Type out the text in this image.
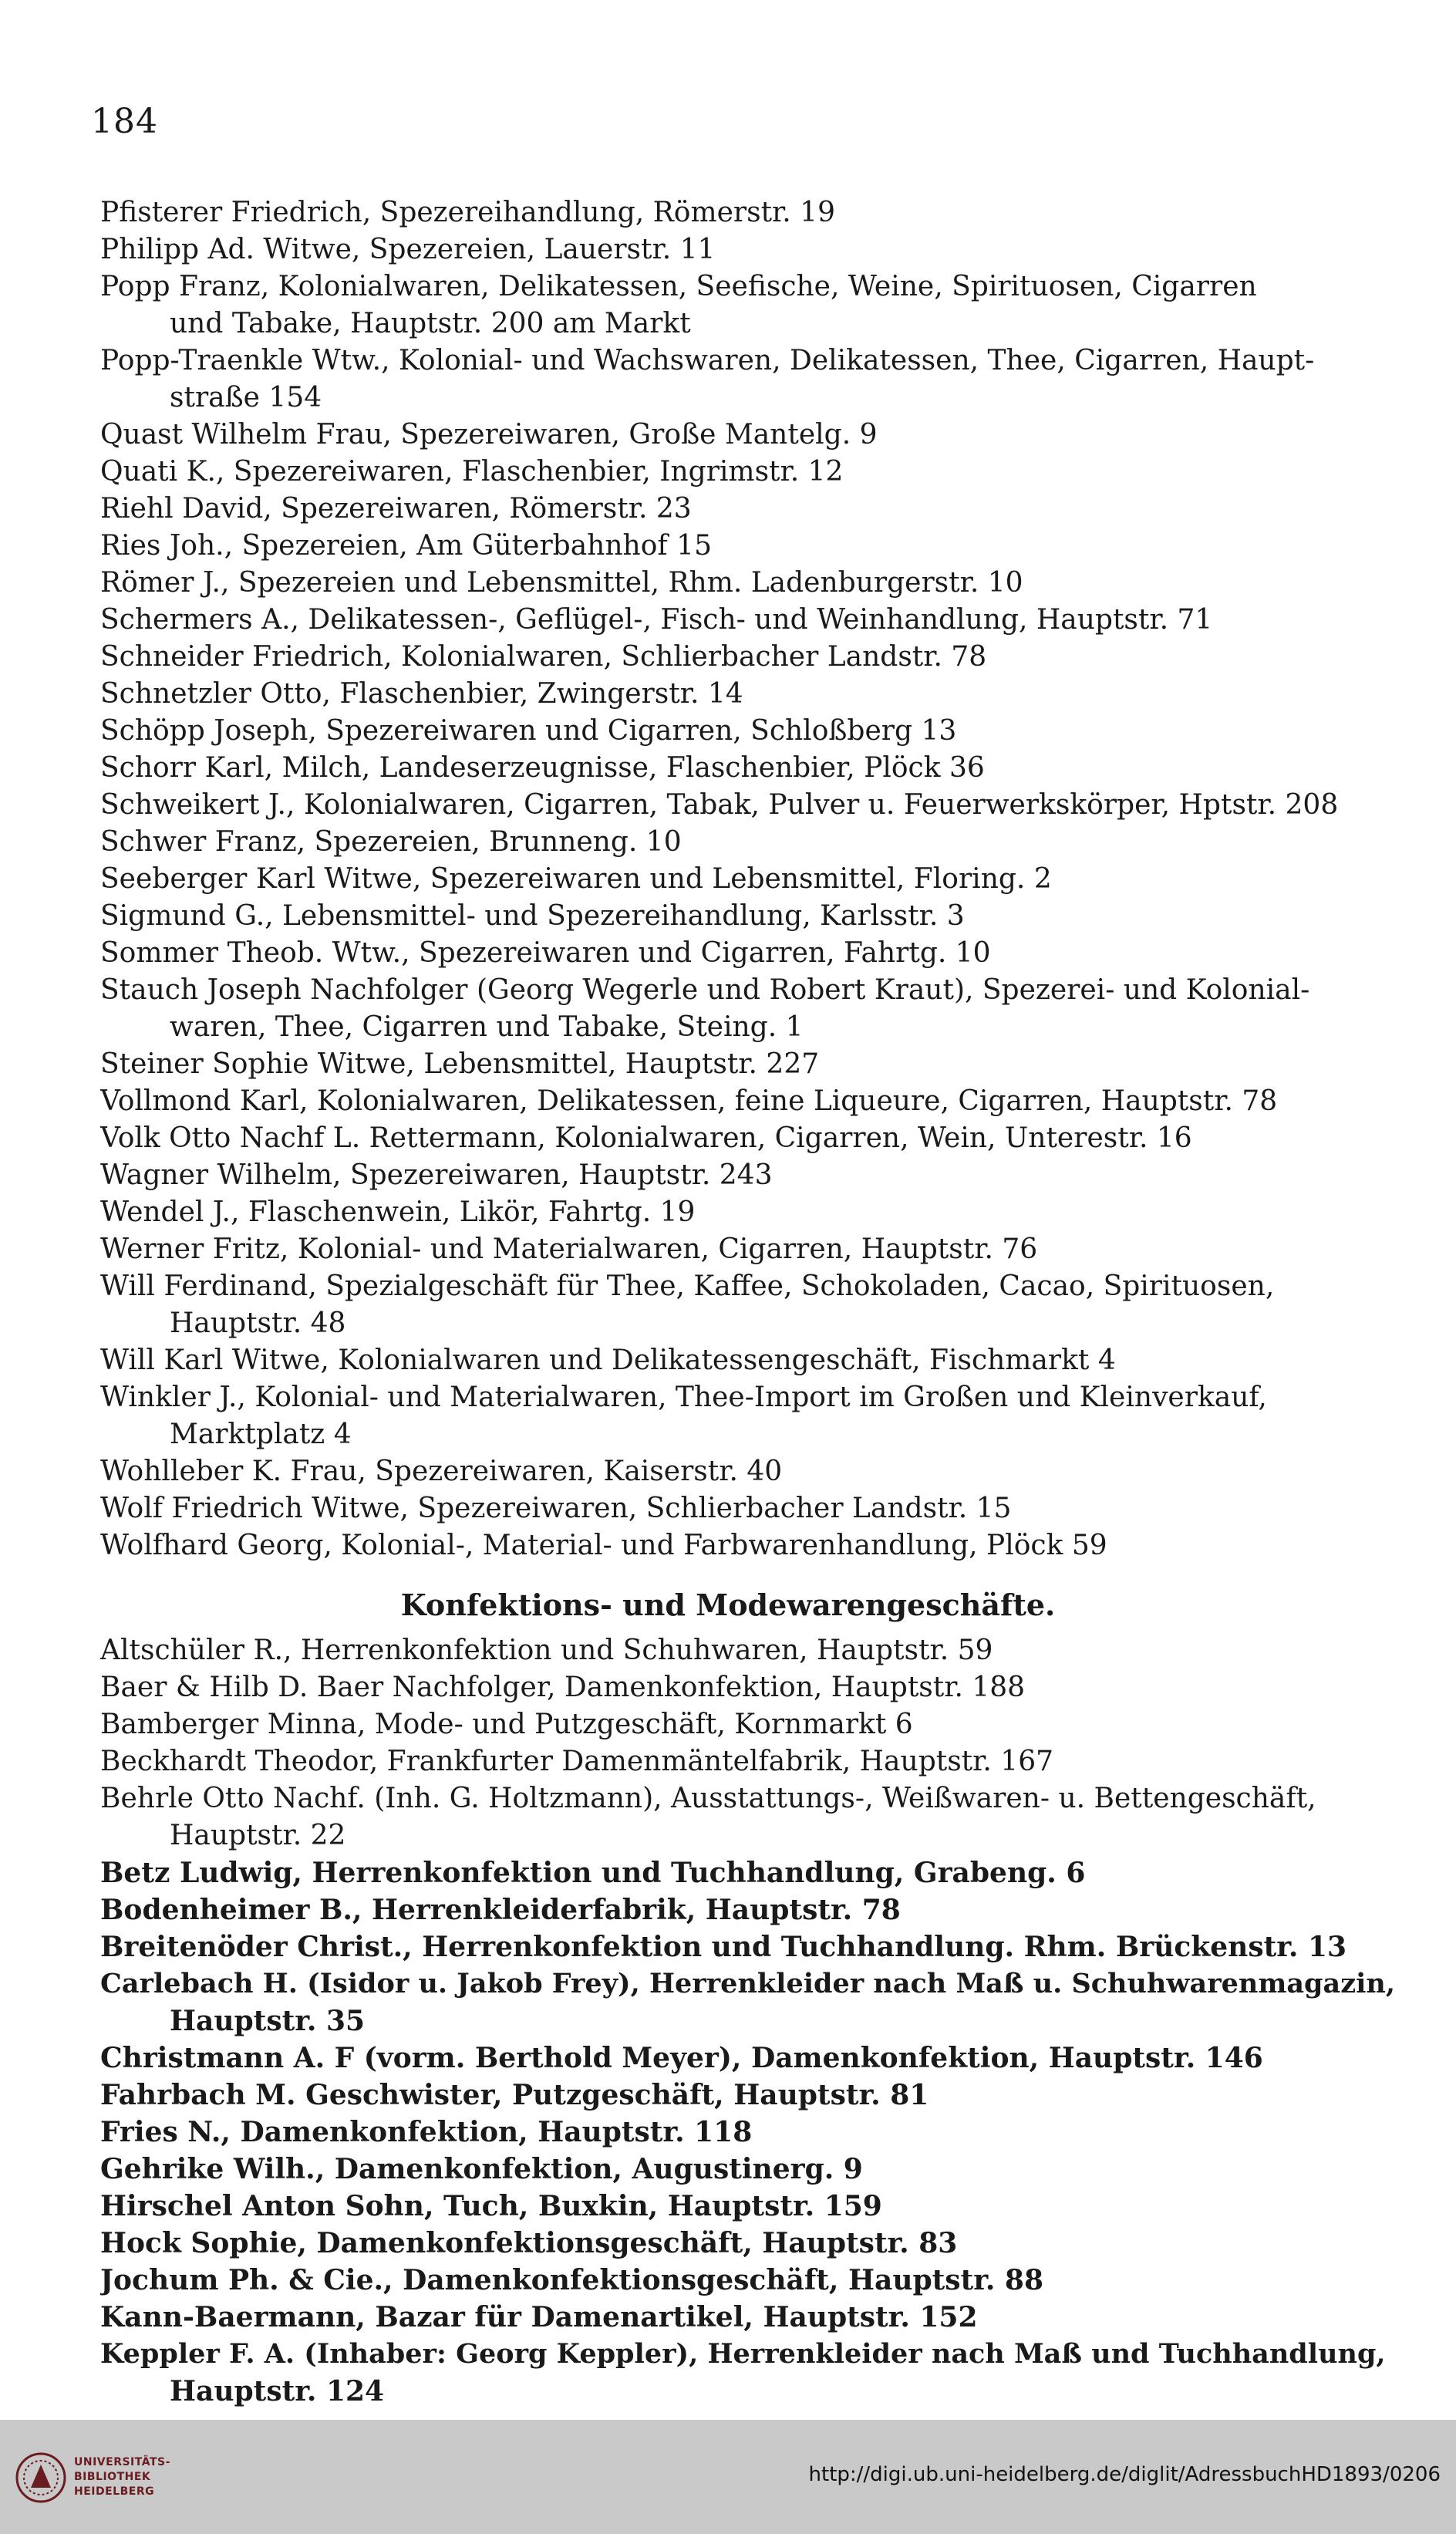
184
Pfisterer Friedrich, Spezereihandlung, Römerstr. 19
Philipp Ad. Witwe, Spezereien, Lauerstr. 11
Popp Franz, Kolonialwaren, Delikatessen, Seefische, Weine, Spirituosen, Cigarren
und Tabake, Hauptstr. 200 am Markt
Popp-Traenkle Wtw., Kolonial- und Wachswaren, Delikatessen, Thee, Cigarren, Haupt-
straße 154
Quast Wilhelm Frau, Spezereiwaren, Große Mantelg. 9
Quati K., Spezereiwaren, Flaschenbier, Ingrimstr. 12
Riehl David, Spezereiwaren, Römerstr. 23
Ries Joh., Spezereien, Am Güterbahnhof 15
Römer J., Spezereien und Lebensmittel, Rhm. Ladenburgerstr. 10
Schermers A., Delikatessen-, Geflügel-, Fisch- und Weinhandlung, Hauptstr. 71
Schneider Friedrich, Kolonialwaren, Schlierbacher Landstr. 78
Schnetzler Otto, Flaschenbier, Zwingerstr. 14
Schöpp Joseph, Spezereiwaren und Cigarren, Schloßberg 13
Schorr Karl, Milch, Landeserzeugnisse, Flaschenbier, Plöck 36
Schweikert J., Kolonialwaren, Cigarren, Tabak, Pulver u. Feuerwerkskörper, Hptstr. 208
Schwer Franz, Spezereien, Brunneng. 10
Seeberger Karl Witwe, Spezereiwaren und Lebensmittel, Floring. 2
Sigmund G., Lebensmittel- und Spezereihandlung, Karlsstr. 3
Sommer Theob. Wtw., Spezereiwaren und Cigarren, Fahrtg. 10
Stauch Joseph Nachfolger (Georg Wegerle und Robert Kraut), Spezerei- und Kolonial-
waren, Thee, Cigarren und Tabake, Steing. 1
Steiner Sophie Witwe, Lebensmittel, Hauptstr. 227
Vollmond Karl, Kolonialwaren, Delikatessen, feine Liqueure, Cigarren, Hauptstr. 78
Volk Otto Nachf L. Rettermann, Kolonialwaren, Cigarren, Wein, Unterestr. 16
Wagner Wilhelm, Spezereiwaren, Hauptstr. 243
Wendel J., Flaschenwein, Likör, Fahrtg. 19
Werner Fritz, Kolonial- und Materialwaren, Cigarren, Hauptstr. 76
Will Ferdinand, Spezialgeschäft für Thee, Kaffee, Schokoladen, Cacao, Spirituosen,
Hauptstr. 48
Will Karl Witwe, Kolonialwaren und Delikatessengeschäft, Fischmarkt 4
Winkler J., Kolonial- und Materialwaren, Thee-Import im Großen und Kleinverkauf,
Marktplatz 4
Wohlleber K. Frau, Spezereiwaren, Kaiserstr. 40
Wolf Friedrich Witwe, Spezereiwaren, Schlierbacher Landstr. 15
Wolfhard Georg, Kolonial-, Material- und Farbwarenhandlung, Plöck 59
Konfektions- und Modewarengeschäfte.
Altschüler R., Herrenkonfektion und Schuhwaren, Hauptstr. 59
Baer & Hilb D. Baer Nachfolger, Damenkonfektion, Hauptstr. 188
Bamberger Minna, Mode- und Putzgeschäft, Kornmarkt 6
Beckhardt Theodor, Frankfurter Damenmäntelfabrik, Hauptstr. 167
Behrle Otto Nachf. (Inh. G. Holtzmann), Ausstattungs-, Weißwaren- u. Bettengeschäft,
Hauptstr. 22
Betz Ludwig, Herrenkonfektion und Tuchhandlung, Grabeng. 6
Bodenheimer B., Herrenkleiderfabrik, Hauptstr. 78
Breitenöder Christ., Herrenkonfektion und Tuchhandlung. Rhm. Brückenstr. 13
Carlebach H. (Isidor u. Jakob Frey), Herrenkleider nach Maß u. Schuhwarenmagazin,
Hauptstr. 35
Christmann A. F (vorm. Berthold Meyer), Damenkonfektion, Hauptstr. 146
Fahrbach M. Geschwister, Putzgeschäft, Hauptstr. 81
Fries N., Damenkonfektion, Hauptstr. 118
Gehrike Wilh., Damenkonfektion, Augustinerg. 9
Hirschel Anton Sohn, Tuch, Buxkin, Hauptstr. 159
Hock Sophie, Damenkonfektionsgeschäft, Hauptstr. 83
Jochum Ph. & Cie., Damenkonfektionsgeschäft, Hauptstr. 88
Kann-Baermann, Bazar für Damenartikel, Hauptstr. 152
Keppler F. A. (Inhaber: Georg Keppler), Herrenkleider nach Maß und Tuchhandlung,
Hauptstr. 124
UNIVERSITÄTS-
BIBLIOTHEK
HEIDELBERG
http://digi.ub.uni-heidelberg.de/diglit/AdressbuchHD1893/0206
